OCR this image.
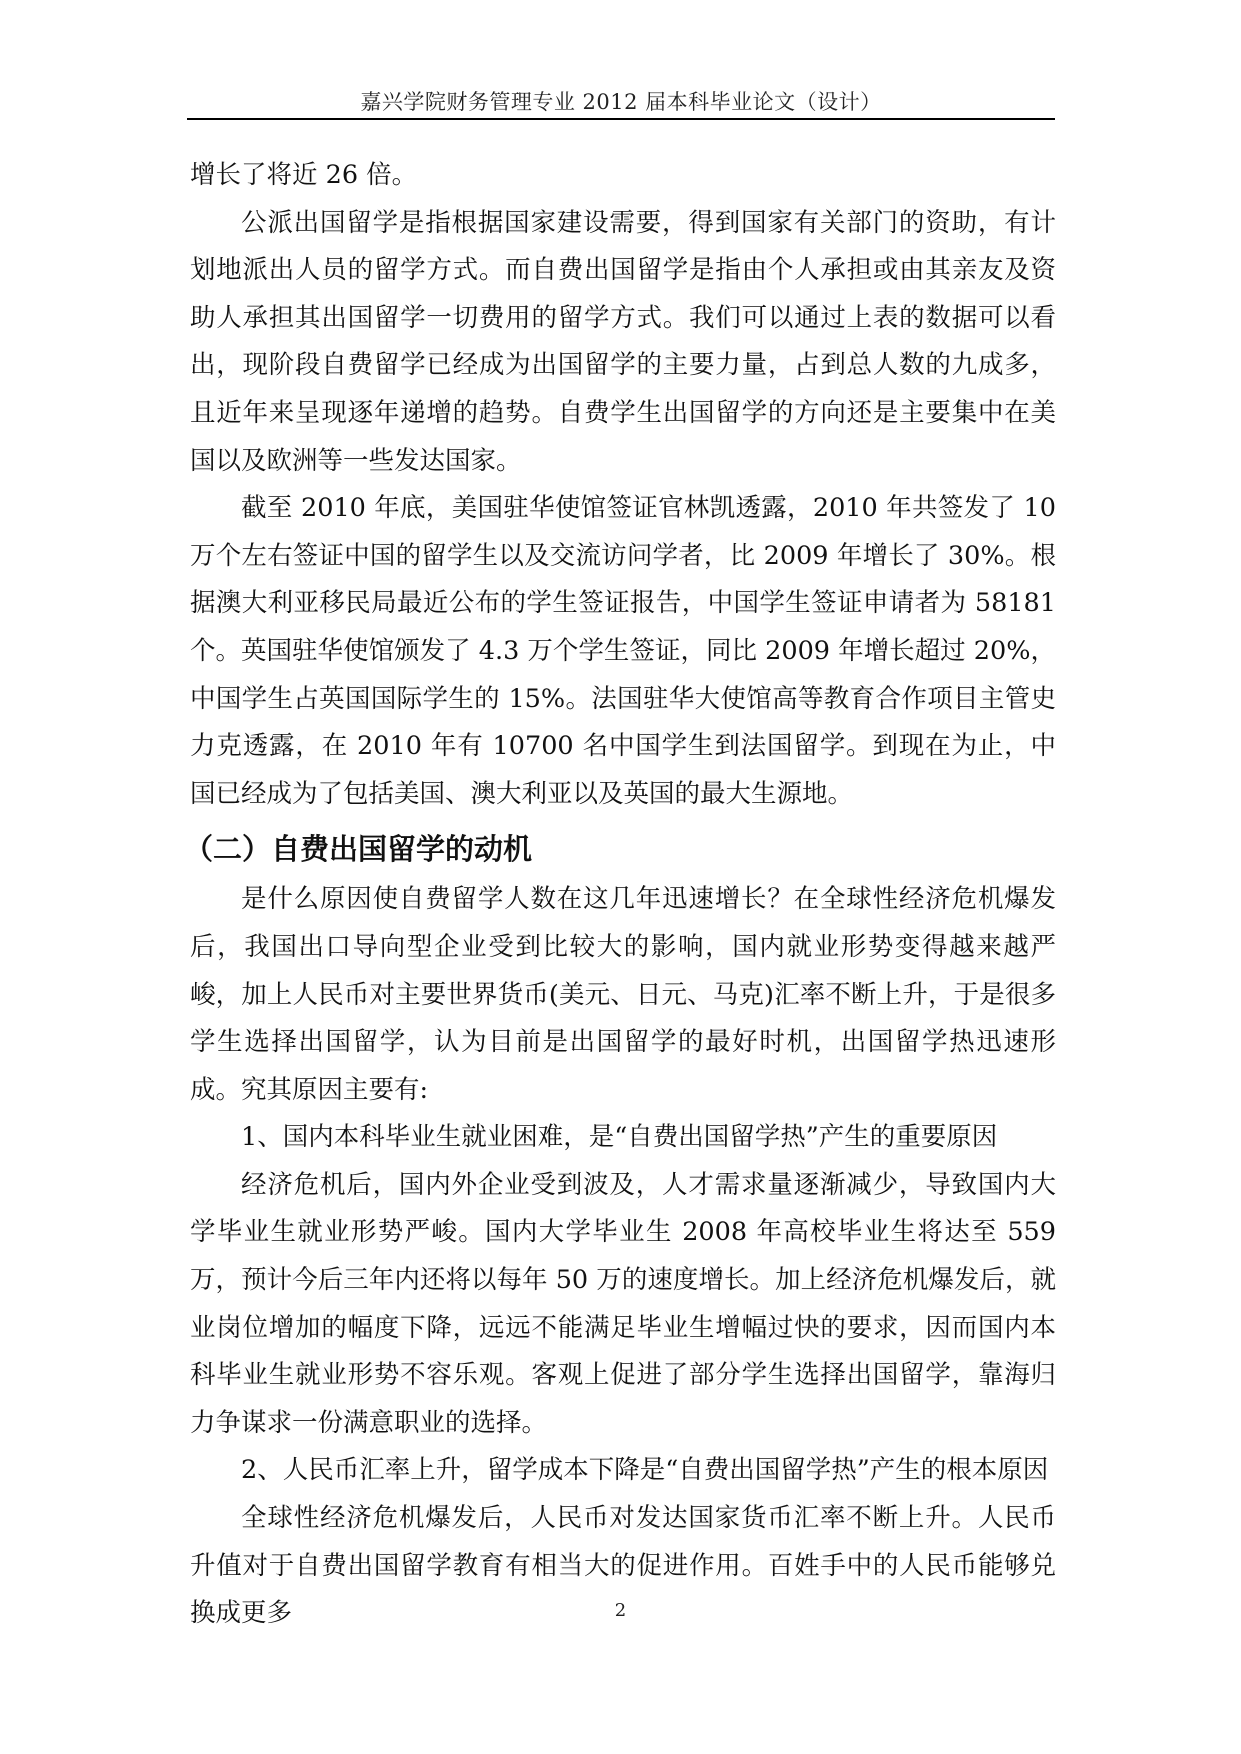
嘉兴学院财务管理专业 2012 届本科毕业论文（设计）

增长了将近 26 倍。

公派出国留学是指根据国家建设需要，得到国家有关部门的资助，有计划地派出人员的留学方式。而自费出国留学是指由个人承担或由其亲友及资助人承担其出国留学一切费用的留学方式。我们可以通过上表的数据可以看出，现阶段自费留学已经成为出国留学的主要力量，占到总人数的九成多，且近年来呈现逐年递增的趋势。自费学生出国留学的方向还是主要集中在美国以及欧洲等一些发达国家。

截至 2010 年底，美国驻华使馆签证官林凯透露，2010 年共签发了 10 万个左右签证中国的留学生以及交流访问学者，比 2009 年增长了 30%。根据澳大利亚移民局最近公布的学生签证报告，中国学生签证申请者为 58181 个。英国驻华使馆颁发了 4.3 万个学生签证，同比 2009 年增长超过 20%，中国学生占英国国际学生的 15%。法国驻华大使馆高等教育合作项目主管史力克透露，在 2010 年有 10700 名中国学生到法国留学。到现在为止，中国已经成为了包括美国、澳大利亚以及英国的最大生源地。

（二）自费出国留学的动机

是什么原因使自费留学人数在这几年迅速增长？在全球性经济危机爆发后，我国出口导向型企业受到比较大的影响，国内就业形势变得越来越严峻，加上人民币对主要世界货币(美元、日元、马克)汇率不断上升，于是很多学生选择出国留学，认为目前是出国留学的最好时机，出国留学热迅速形成。究其原因主要有:

1、国内本科毕业生就业困难，是“自费出国留学热”产生的重要原因

经济危机后，国内外企业受到波及，人才需求量逐渐减少，导致国内大学毕业生就业形势严峻。国内大学毕业生 2008 年高校毕业生将达至 559 万，预计今后三年内还将以每年 50 万的速度增长。加上经济危机爆发后，就业岗位增加的幅度下降，远远不能满足毕业生增幅过快的要求，因而国内本科毕业生就业形势不容乐观。客观上促进了部分学生选择出国留学，靠海归力争谋求一份满意职业的选择。

2、人民币汇率上升，留学成本下降是“自费出国留学热”产生的根本原因

全球性经济危机爆发后，人民币对发达国家货币汇率不断上升。人民币升值对于自费出国留学教育有相当大的促进作用。百姓手中的人民币能够兑换成更多	2
